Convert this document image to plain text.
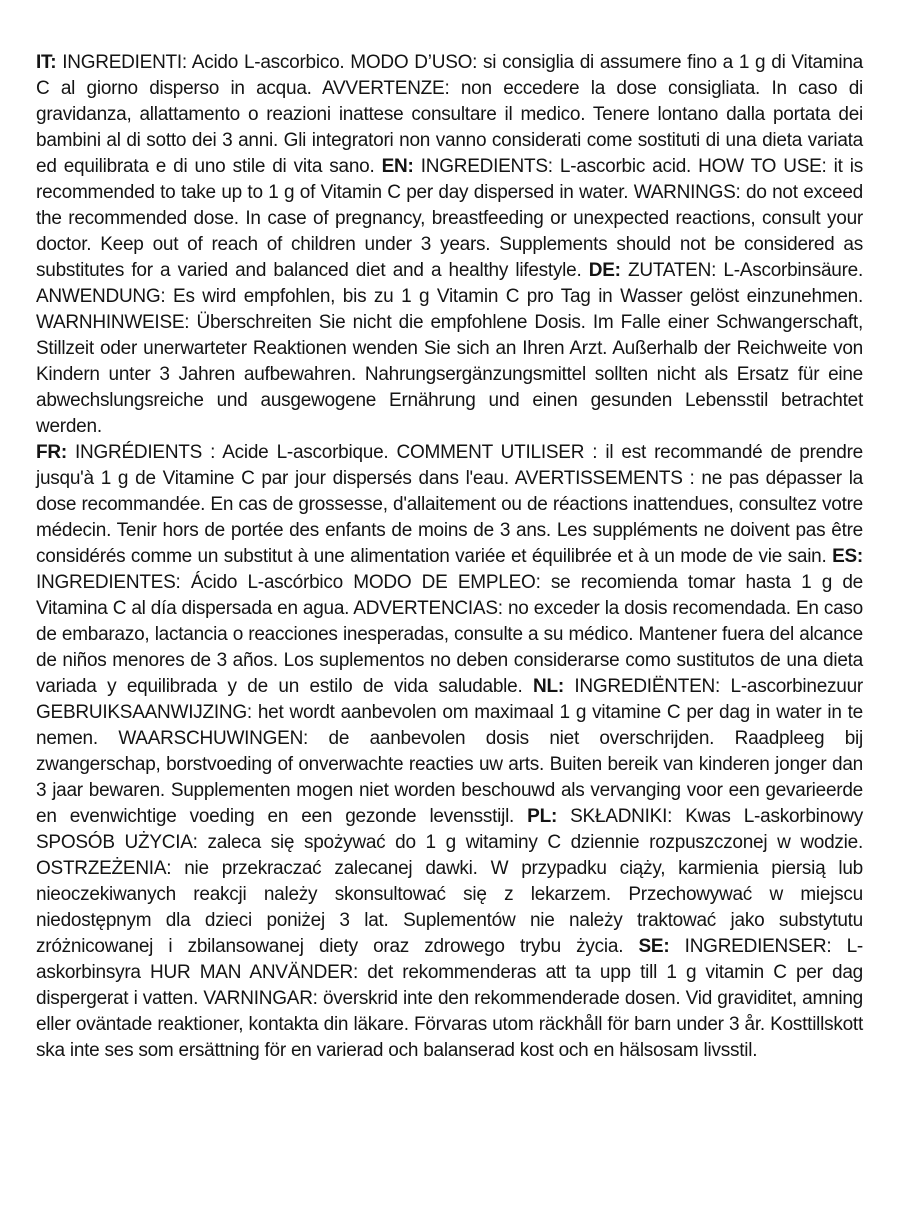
IT: INGREDIENTI: Acido L-ascorbico. MODO D’USO: si consiglia di assumere fino a 1 g di Vitamina C al giorno disperso in acqua. AVVERTENZE: non eccedere la dose consigliata. In caso di gravidanza, allattamento o reazioni inattese consultare il medico. Tenere lontano dalla portata dei bambini al di sotto dei 3 anni. Gli integratori non vanno considerati come sostituti di una dieta variata ed equilibrata e di uno stile di vita sano. EN: INGREDIENTS: L-ascorbic acid. HOW TO USE: it is recommended to take up to 1 g of Vitamin C per day dispersed in water. WARNINGS: do not exceed the recommended dose. In case of pregnancy, breastfeeding or unexpected reactions, consult your doctor. Keep out of reach of children under 3 years. Supplements should not be considered as substitutes for a varied and balanced diet and a healthy lifestyle. DE: ZUTATEN: L-Ascorbinsäure. ANWENDUNG: Es wird empfohlen, bis zu 1 g Vitamin C pro Tag in Wasser gelöst einzunehmen. WARNHINWEISE: Überschreiten Sie nicht die empfohlene Dosis. Im Falle einer Schwangerschaft, Stillzeit oder unerwarteter Reaktionen wenden Sie sich an Ihren Arzt. Außerhalb der Reichweite von Kindern unter 3 Jahren aufbewahren. Nahrungsergänzungsmittel sollten nicht als Ersatz für eine abwechslungsreiche und ausgewogene Ernährung und einen gesunden Lebensstil betrachtet werden.

FR: INGRÉDIENTS : Acide L-ascorbique. COMMENT UTILISER : il est recommandé de prendre jusqu'à 1 g de Vitamine C par jour dispersés dans l'eau. AVERTISSEMENTS : ne pas dépasser la dose recommandée. En cas de grossesse, d'allaitement ou de réactions inattendues, consultez votre médecin. Tenir hors de portée des enfants de moins de 3 ans. Les suppléments ne doivent pas être considérés comme un substitut à une alimentation variée et équilibrée et à un mode de vie sain. ES: INGREDIENTES: Ácido L-ascórbico MODO DE EMPLEO: se recomienda tomar hasta 1 g de Vitamina C al día dispersada en agua. ADVERTENCIAS: no exceder la dosis recomendada. En caso de embarazo, lactancia o reacciones inesperadas, consulte a su médico. Mantener fuera del alcance de niños menores de 3 años. Los suplementos no deben considerarse como sustitutos de una dieta variada y equilibrada y de un estilo de vida saludable. NL: INGREDIËNTEN: L-ascorbinezuur GEBRUIKSAANWIJZING: het wordt aanbevolen om maximaal 1 g vitamine C per dag in water in te nemen. WAARSCHUWINGEN: de aanbevolen dosis niet overschrijden. Raadpleeg bij zwangerschap, borstvoeding of onverwachte reacties uw arts. Buiten bereik van kinderen jonger dan 3 jaar bewaren. Supplementen mogen niet worden beschouwd als vervanging voor een gevarieerde en evenwichtige voeding en een gezonde levensstijl. PL: SKŁADNIKI: Kwas L-askorbinowy SPOSÓB UŻYCIA: zaleca się spożywać do 1 g witaminy C dziennie rozpuszczonej w wodzie. OSTRZEŻENIA: nie przekraczać zalecanej dawki. W przypadku ciąży, karmienia piersią lub nieoczekiwanych reakcji należy skonsultować się z lekarzem. Przechowywać w miejscu niedostępnym dla dzieci poniżej 3 lat. Suplementów nie należy traktować jako substytutu zróżnicowanej i zbilansowanej diety oraz zdrowego trybu życia. SE: INGREDIENSER: L-askorbinsyra HUR MAN ANVÄNDER: det rekommenderas att ta upp till 1 g vitamin C per dag dispergerat i vatten. VARNINGAR: överskrid inte den rekommenderade dosen. Vid graviditet, amning eller oväntade reaktioner, kontakta din läkare. Förvaras utom räckhåll för barn under 3 år. Kosttillskott ska inte ses som ersättning för en varierad och balanserad kost och en hälsosam livsstil.
